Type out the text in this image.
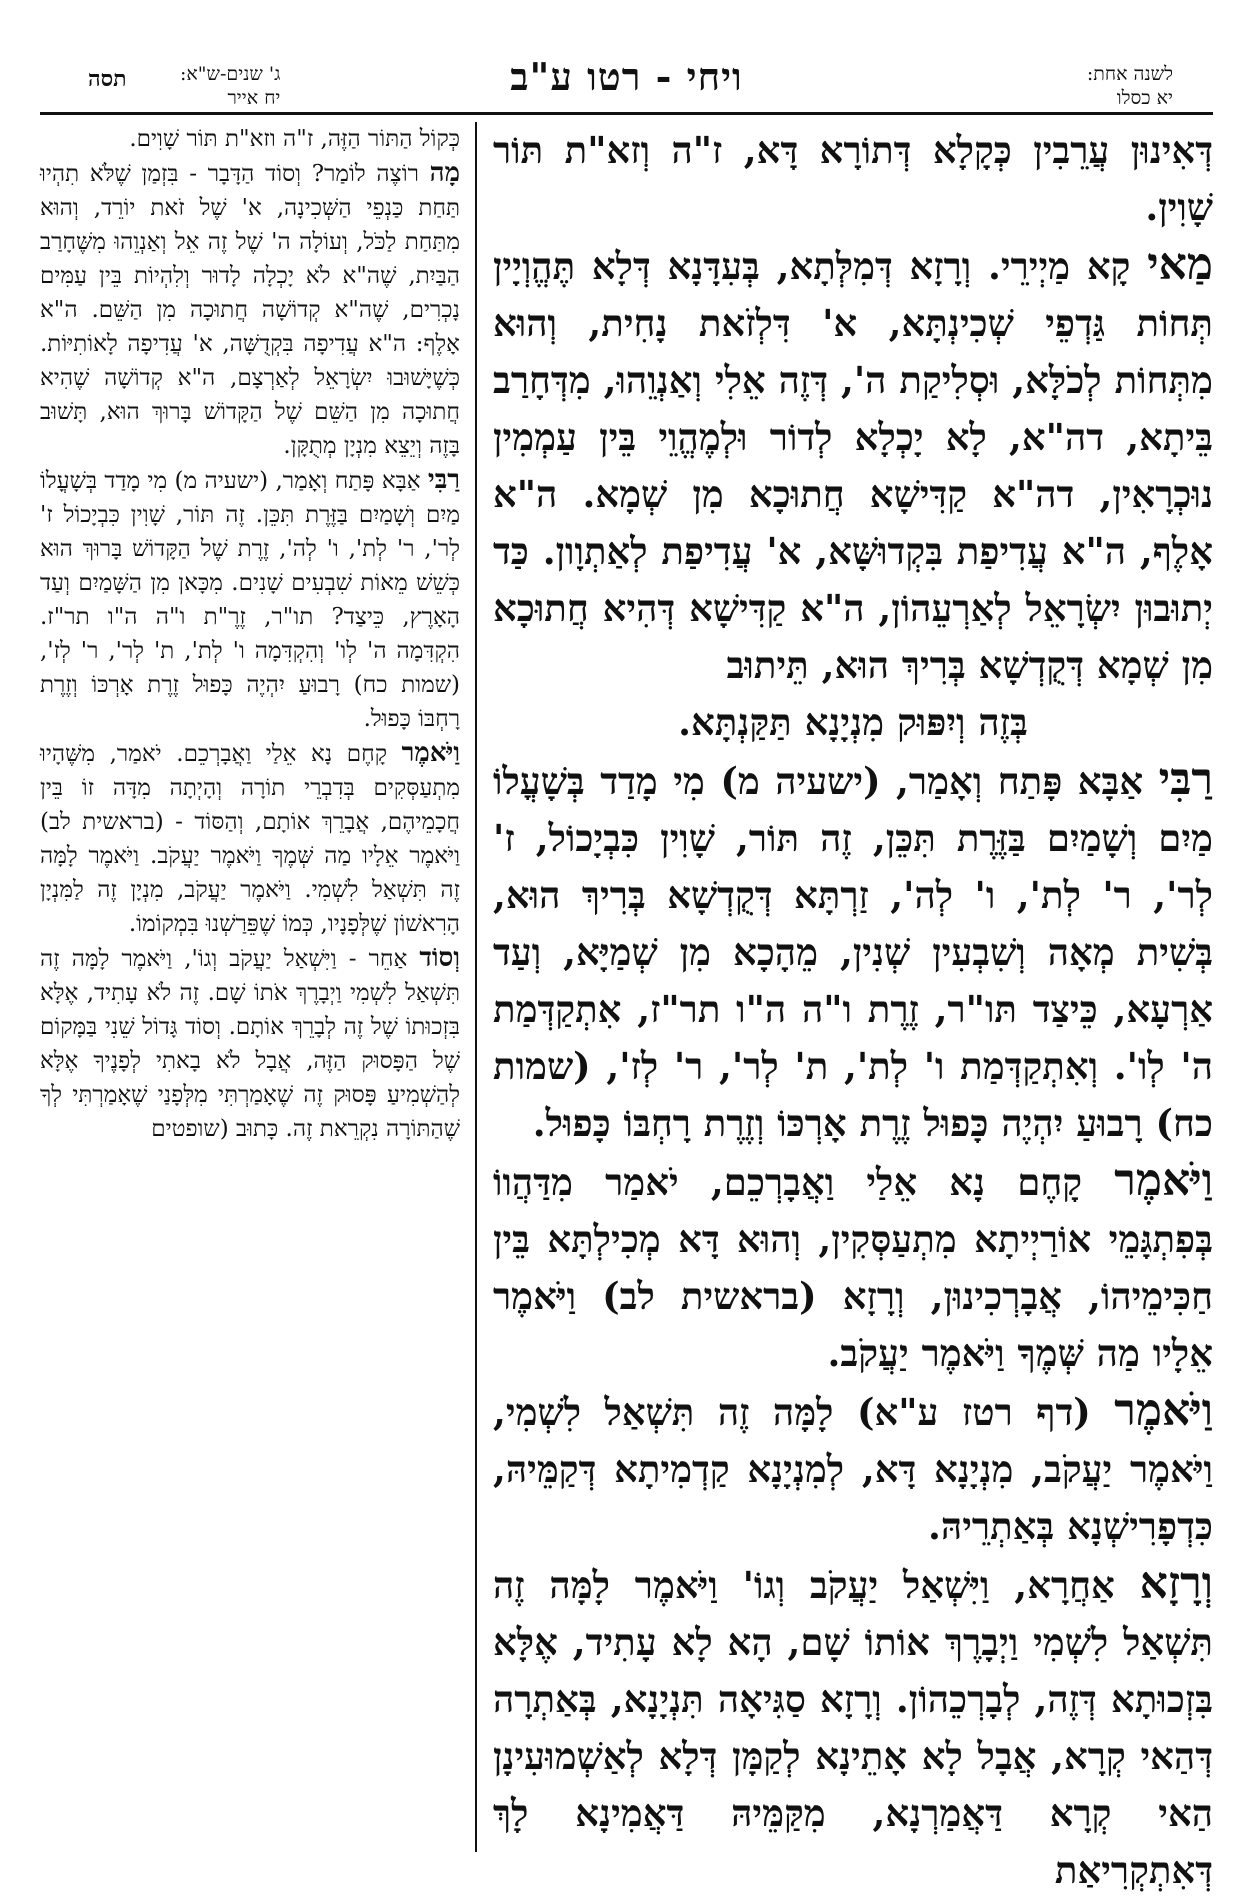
לשנה אחת:
יא כסלו
ויחי - רטו ע"ב
ג' שנים-ש"א:
יח אייר
תסה

דְּאִינוּן עֲרֵבִין כְּקָלָא דְּתוֹרָא דָּא, ז"ה וְזא"ת תּוֹר שָׁוִין.

מַאי קָא מַיְירֵי. וְרָזָא דְּמִלְּתָא, בְּעִדָּנָא דְּלָא תֶּהֱוְיָין תְּחוֹת גַּדְפֵי שְׁכִינְתָּא, א' דִּלְזֹאת נָחִית, וְהוּא מִתְּחוֹת לְכֹלָּא, וּסְלִיקַת ה', דְּזֶה אֵלִי וְאַנְוֵהוּ, מִדְּחָרַב בֵּיתָא, דה"א, לָא יָכְלָא לְדוֹר וּלְמֶהֱוֵי בֵּין עַמְמִין נוּכְרָאִין, דה"א קַדִּישָׁא חֲתוּכָא מִן שְׁמָא. ה"א אָלֶף, ה"א עֲדִיפַת בִּקְדוּשָּׁא, א' עֲדִיפַת לְאַתְוָון. כַּד יְתוּבוּן יִשְׂרָאֵל לְאַרְעֵהוֹן, ה"א קַדִּישָׁא דְּהִיא חֲתוּכָא מִן שְׁמָא דְּקֻדְשָׁא בְּרִיךְ הוּא, תֵּיתוּב

בְּזֶה וְיִפּוּק מִנְיָנָא תַּקַּנְתָּא.

רַבִּי אַבָּא פָּתַח וְאָמַר, (ישעיה מ) מִי מָדַד בְּשָׁעֳלוֹ מַיִם וְשָׁמַיִם בַּזֶּרֶת תִּכֵּן, זֶה תּוֹר, שָׁוִין כִּבְיָכוֹל, ז' לְר', ר' לְת', ו' לְה', זַרְתָּא דְּקֻדְשָׁא בְּרִיךְ הוּא, בְּשִׁית מְאָה וְשִׁבְעִין שְׁנִין, מֵהָכָא מִן שְׁמַיָּא, וְעַד אַרְעָא, כֵּיצַד תּו"ר, זֶרֶת ו"ה ה"ו תר"ז, אִתְקַדְּמַת ה' לְו'. וְאִתְקַדְּמַת ו' לְת', ת' לְר', ר' לְז', (שמות כח) רָבוּעַ יִהְיֶה כָּפוּל זֶרֶת אָרְכּוֹ וְזֶרֶת רָחְבּוֹ כָּפוּל.

וַיֹּאמֶר קָחֶם נָא אֵלַי וַאֲבָרְכֵם, יֹאמַר מִדַּהֲווֹ בְּפִתְגָּמֵי אוֹרַיְיתָא מִתְעַסְּקִין, וְהוּא דָּא מְכִילְתָּא בֵּין חַכִּימֵיהוֹ, אֲבָרְכִינוּן, וְרָזָא (בראשית לב) וַיֹּאמֶר אֵלָיו מַה שְּׁמֶךָ וַיֹּאמֶר יַעֲקֹב.

וַיֹּאמֶר (דף רטז ע"א) לָמָּה זֶה תִּשְׁאַל לִשְׁמִי, וַיֹּאמֶר יַעֲקֹב, מִנְיָנָא דָּא, לְמִנְיָנָא קַדְמִיתָא דְּקַמֵּיהּ, כִּדְפָרִישְׁנָא בְּאַתְרֵיהּ.

וְרָזָא אַחֲרָא, וַיִּשְׁאַל יַעֲקֹב וְגוֹ' וַיֹּאמֶר לָמָּה זֶה תִּשְׁאַל לִשְׁמִי וַיְבָרֶךְ אוֹתוֹ שָׁם, הָא לָא עָתִיד, אֶלָּא בִּזְכוּתָא דְּזֶה, לְבָרְכֵהוֹן. וְרָזָא סַגִּיאָה תִּנְיָנָא, בְּאַתְרָה דְּהַאי קְרָא, אֲבָל לָא אָתֵינָא לְקַמָּן דְּלָא לְאַשְׁמוּעִינָן הַאי קְרָא דַּאֲמַרְנָא, מִקַּמֵּיהּ דַּאֲמִינָא לָךְ דְּאִתְקְרִיאַת

כְּקוֹל הַתּוֹר הַזֶּה, ז"ה וזא"ת תּוֹר שָׁוִים.

מָה רוֹצֶה לוֹמַר? וְסוֹד הַדָּבָר - בִּזְמַן שֶׁלֹּא תִהְיוּ תַּחַת כַּנְפֵי הַשְּׁכִינָה, א' שֶׁל זֹאת יוֹרֵד, וְהוּא מִתַּחַת לַכֹּל, וְעוֹלָה ה' שֶׁל זֶה אֵל וְאַנְוֵהוּ מִשֶּׁחָרַב הַבַּיִת, שֶׁה"א לֹא יָכְלָה לָדוּר וְלִהְיוֹת בֵּין עַמִּים נָכְרִים, שֶׁה"א קְדוֹשָׁה חֲתוּכָה מִן הַשֵּׁם. ה"א אָלֶף: ה"א עֲדִיפָה בִּקְדֻשָּׁה, א' עֲדִיפָה לָאוֹתִיּוֹת. כְּשֶׁיָּשׁוּבוּ יִשְׂרָאֵל לְאַרְצָם, ה"א קְדוֹשָׁה שֶׁהִיא חֲתוּכָה מִן הַשֵּׁם שֶׁל הַקָּדוֹשׁ בָּרוּךְ הוּא, תָּשׁוּב בָּזֶה וְיֵצֵא מִנְיָן מְתֻקָּן.

רַבִּי אַבָּא פָּתַח וְאָמַר, (ישעיה מ) מִי מָדַד בְּשָׁעֳלוֹ מַיִם וְשָׁמַיִם בַּזֶּרֶת תִּכֵּן. זֶה תּוֹר, שָׁוִין כִּבְיָכוֹל ז' לְר', ר' לְת', ו' לְה', זֶרֶת שֶׁל הַקָּדוֹשׁ בָּרוּךְ הוּא כְּשֵׁשׁ מֵאוֹת שִׁבְעִים שָׁנִים. מִכָּאן מִן הַשָּׁמַיִם וְעַד הָאָרֶץ, כֵּיצַד? תו"ר, זֶרֶ"ת ו"ה ה"ו תר"ז. הִקְדִּמָה ה' לְו' וְהִקְדִּמָה ו' לְת', ת' לְר', ר' לְז', (שמות כח) רָבוּעַ יִהְיֶה כָּפוּל זֶרֶת אָרְכּוֹ וְזֶרֶת רָחְבּוֹ כָּפוּל.

וַיֹּאמֶר קָחֶם נָא אֵלַי וַאֲבָרְכֵם. יֹאמַר, מִשֶּׁהָיוּ מִתְעַסְּקִים בְּדִבְרֵי תוֹרָה וְהָיְתָה מִדָּה זוֹ בֵּין חֲכָמֵיהֶם, אֲבָרֵךְ אוֹתָם, וְהַסּוֹד - (בראשית לב) וַיֹּאמֶר אֵלָיו מַה שְּׁמֶךָ וַיֹּאמֶר יַעֲקֹב. וַיֹּאמֶר לָמָּה זֶה תִּשְׁאַל לִשְׁמִי. וַיֹּאמֶר יַעֲקֹב, מִנְיָן זֶה לַמִּנְיָן הָרִאשׁוֹן שֶׁלְּפָנָיו, כְּמוֹ שֶׁפֵּרַשְׁנוּ בִּמְקוֹמוֹ.

וְסוֹד אַחֵר - וַיִּשְׁאַל יַעֲקֹב וְגוֹ', וַיֹּאמֶר לָמָּה זֶה תִּשְׁאַל לִשְׁמִי וַיְבָרֶךְ אֹתוֹ שָׁם. זֶה לֹא עָתִיד, אֶלָּא בִּזְכוּתוֹ שֶׁל זֶה לְבָרֵךְ אוֹתָם. וְסוֹד גָּדוֹל שֵׁנִי בַּמָּקוֹם שֶׁל הַפָּסוּק הַזֶּה, אֲבָל לֹא בָאתִי לְפָנֶיךָ אֶלָּא לְהַשְׁמִיעַ פָּסוּק זֶה שֶׁאָמַרְתִּי מִלְּפָנַי שֶׁאָמַרְתִּי לְךָ שֶׁהַתּוֹרָה נִקְרֵאת זֶה. כָּתוּב (שופטים
